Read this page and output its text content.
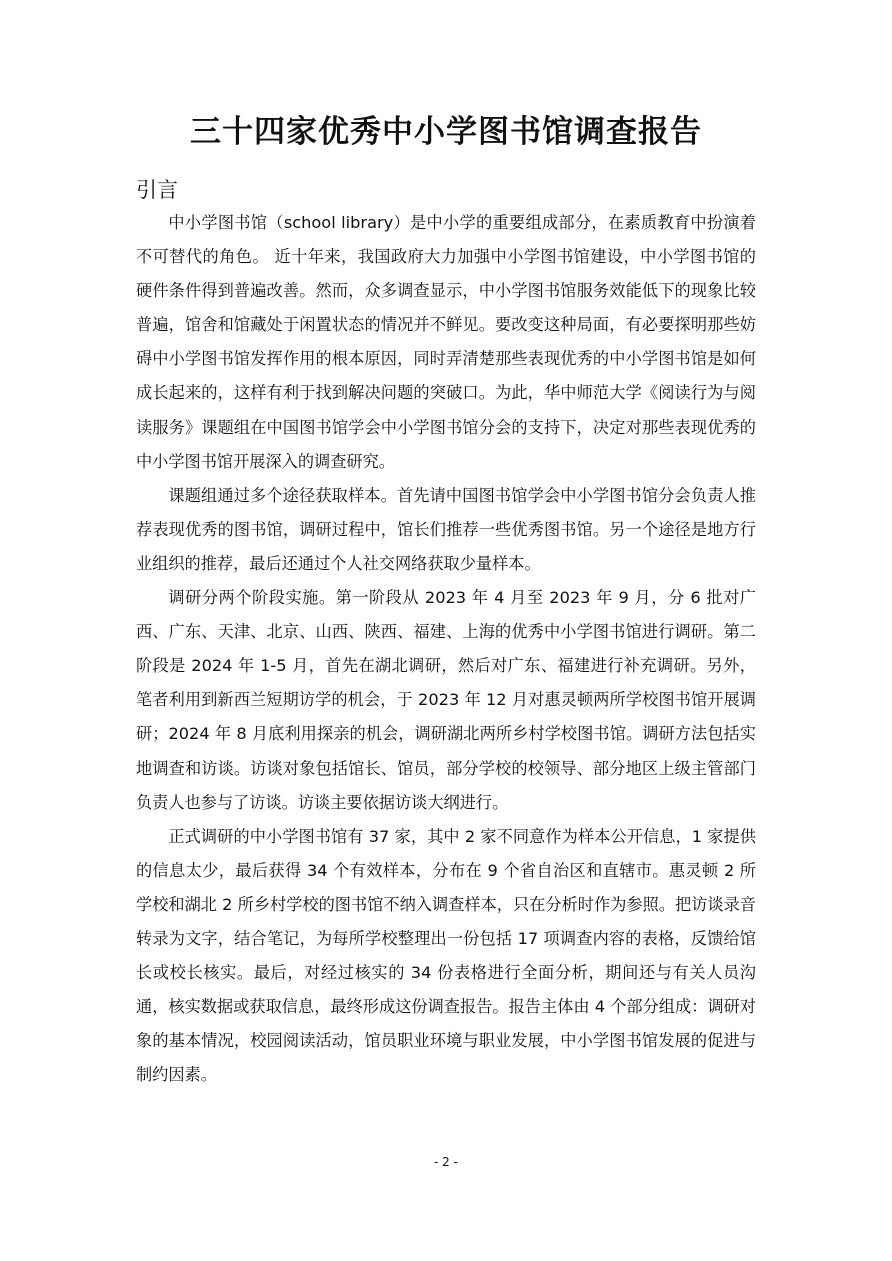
三十四家优秀中小学图书馆调查报告
引言

中小学图书馆（school library）是中小学的重要组成部分，在素质教育中扮演着不可替代的角色。 近十年来，我国政府大力加强中小学图书馆建设，中小学图书馆的硬件条件得到普遍改善。然而，众多调查显示，中小学图书馆服务效能低下的现象比较普遍，馆舍和馆藏处于闲置状态的情况并不鲜见。要改变这种局面，有必要探明那些妨碍中小学图书馆发挥作用的根本原因，同时弄清楚那些表现优秀的中小学图书馆是如何成长起来的，这样有利于找到解决问题的突破口。为此，华中师范大学《阅读行为与阅读服务》课题组在中国图书馆学会中小学图书馆分会的支持下，决定对那些表现优秀的中小学图书馆开展深入的调查研究。

课题组通过多个途径获取样本。首先请中国图书馆学会中小学图书馆分会负责人推荐表现优秀的图书馆，调研过程中，馆长们推荐一些优秀图书馆。另一个途径是地方行业组织的推荐，最后还通过个人社交网络获取少量样本。

调研分两个阶段实施。第一阶段从 2023 年 4 月至 2023 年 9 月，分 6 批对广西、广东、天津、北京、山西、陕西、福建、上海的优秀中小学图书馆进行调研。第二阶段是 2024 年 1-5 月，首先在湖北调研，然后对广东、福建进行补充调研。另外，笔者利用到新西兰短期访学的机会，于 2023 年 12 月对惠灵顿两所学校图书馆开展调研；2024 年 8 月底利用探亲的机会，调研湖北两所乡村学校图书馆。调研方法包括实地调查和访谈。访谈对象包括馆长、馆员，部分学校的校领导、部分地区上级主管部门负责人也参与了访谈。访谈主要依据访谈大纲进行。

正式调研的中小学图书馆有 37 家，其中 2 家不同意作为样本公开信息，1 家提供的信息太少，最后获得 34 个有效样本，分布在 9 个省自治区和直辖市。惠灵顿 2 所学校和湖北 2 所乡村学校的图书馆不纳入调查样本，只在分析时作为参照。把访谈录音转录为文字，结合笔记，为每所学校整理出一份包括 17 项调查内容的表格，反馈给馆长或校长核实。最后，对经过核实的 34 份表格进行全面分析，期间还与有关人员沟通，核实数据或获取信息，最终形成这份调查报告。报告主体由 4 个部分组成：调研对象的基本情况，校园阅读活动，馆员职业环境与职业发展，中小学图书馆发展的促进与制约因素。

- 2 -
